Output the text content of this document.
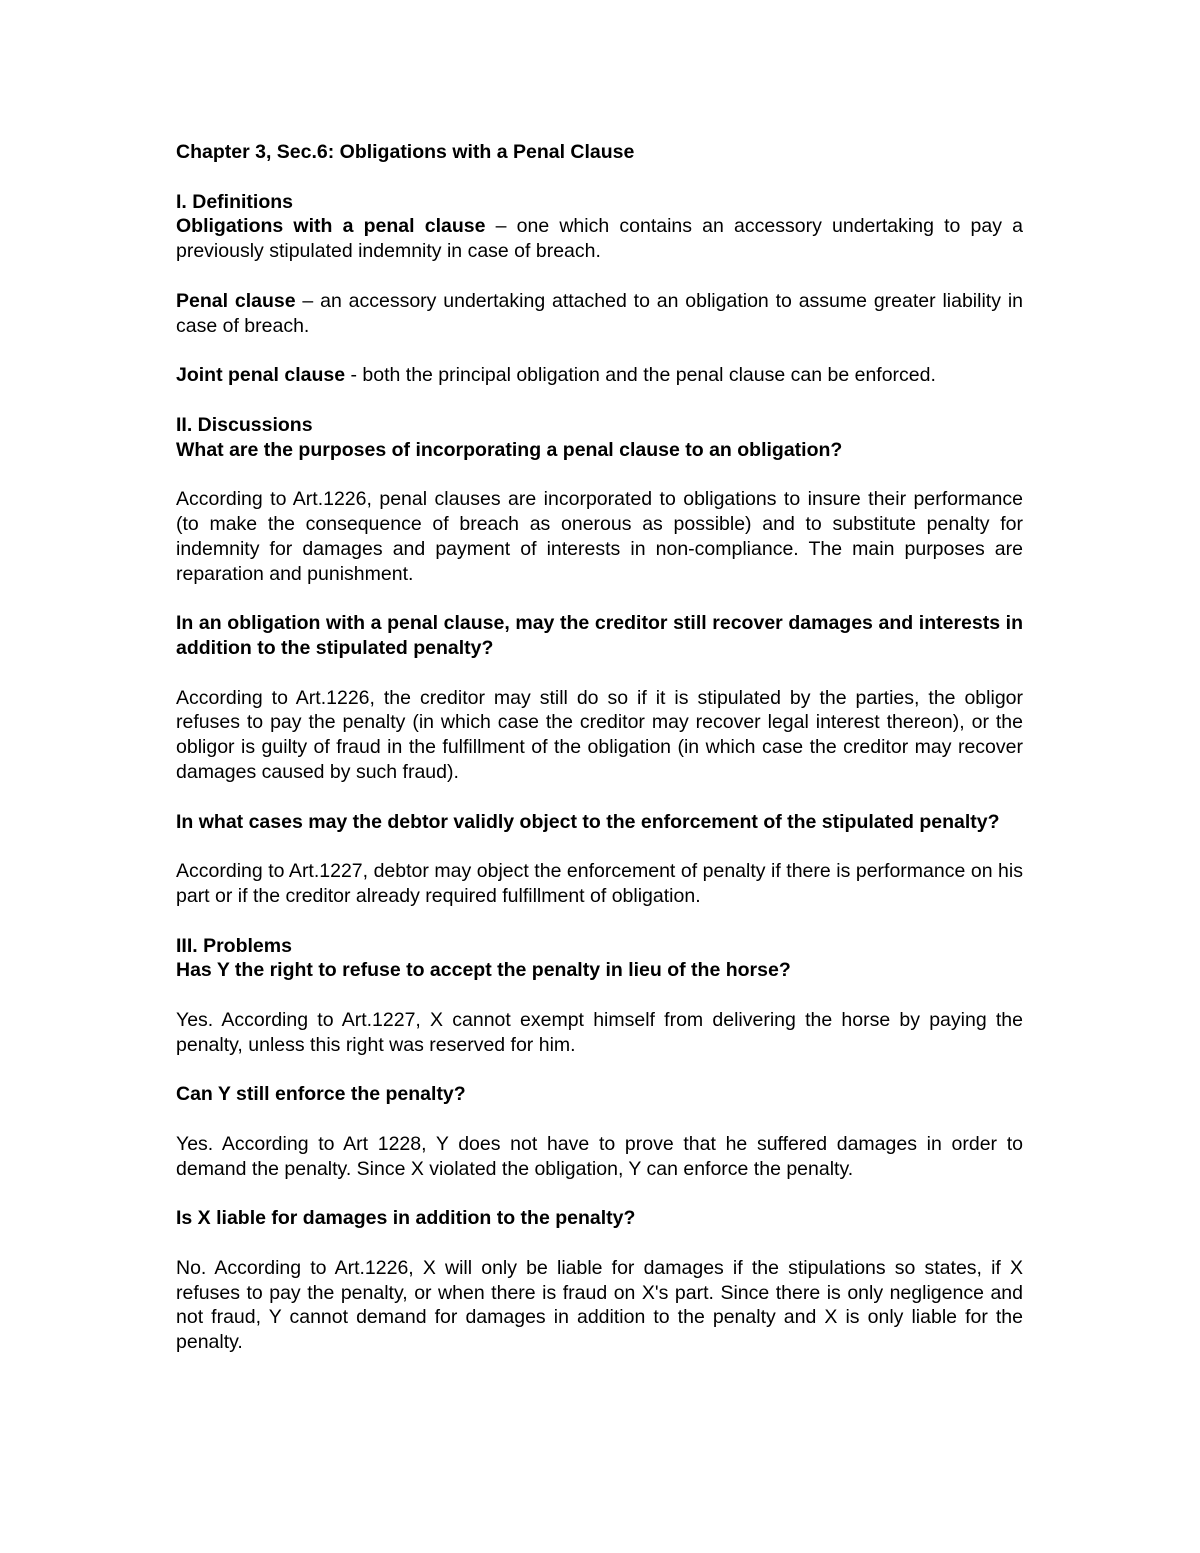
Chapter 3, Sec.6: Obligations with a Penal Clause

I. Definitions

Obligations with a penal clause – one which contains an accessory undertaking to pay a previously stipulated indemnity in case of breach.

Penal clause – an accessory undertaking attached to an obligation to assume greater liability in case of breach.

Joint penal clause - both the principal obligation and the penal clause can be enforced.

II. Discussions

What are the purposes of incorporating a penal clause to an obligation?

According to Art.1226, penal clauses are incorporated to obligations to insure their performance (to make the consequence of breach as onerous as possible) and to substitute penalty for indemnity for damages and payment of interests in non-compliance. The main purposes are reparation and punishment.

In an obligation with a penal clause, may the creditor still recover damages and interests in addition to the stipulated penalty?

According to Art.1226, the creditor may still do so if it is stipulated by the parties, the obligor refuses to pay the penalty (in which case the creditor may recover legal interest thereon), or the obligor is guilty of fraud in the fulfillment of the obligation (in which case the creditor may recover damages caused by such fraud).

In what cases may the debtor validly object to the enforcement of the stipulated penalty?

According to Art.1227, debtor may object the enforcement of penalty if there is performance on his part or if the creditor already required fulfillment of obligation.

III. Problems

Has Y the right to refuse to accept the penalty in lieu of the horse?

Yes. According to Art.1227, X cannot exempt himself from delivering the horse by paying the penalty, unless this right was reserved for him.

Can Y still enforce the penalty?

Yes. According to Art 1228, Y does not have to prove that he suffered damages in order to demand the penalty. Since X violated the obligation, Y can enforce the penalty.

Is X liable for damages in addition to the penalty?

No. According to Art.1226, X will only be liable for damages if the stipulations so states, if X refuses to pay the penalty, or when there is fraud on X's part. Since there is only negligence and not fraud, Y cannot demand for damages in addition to the penalty and X is only liable for the penalty.
